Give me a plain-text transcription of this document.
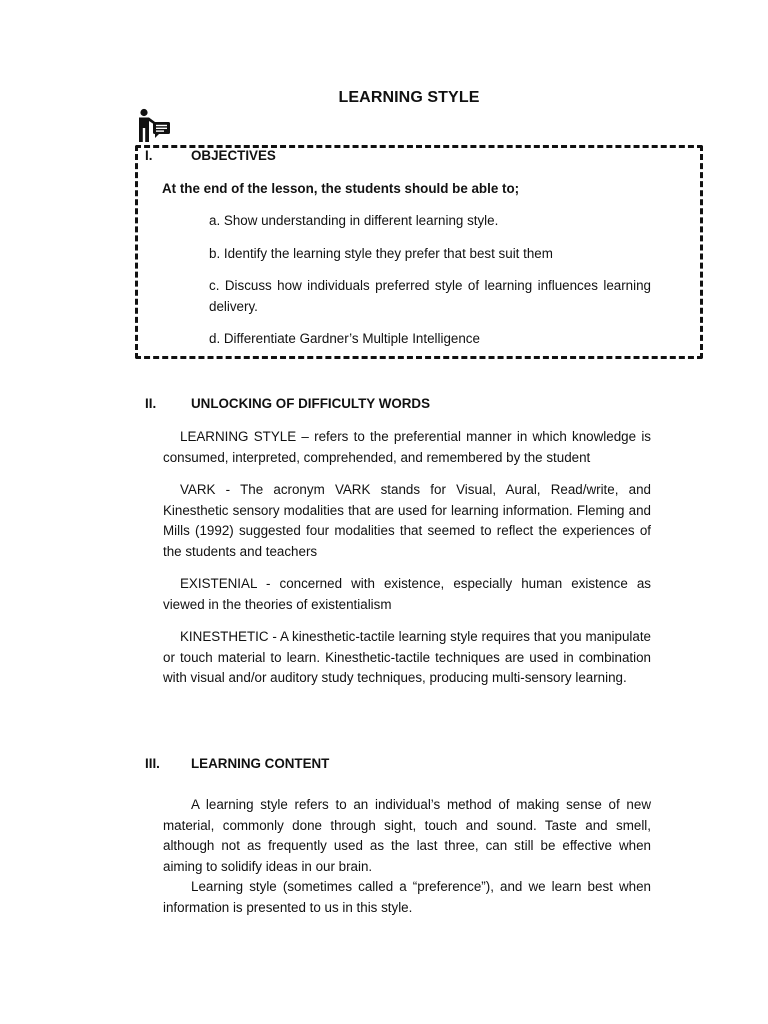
LEARNING STYLE
I.	OBJECTIVES
At the end of the lesson, the students should be able to;
a. Show understanding in different learning style.
b. Identify the learning style they prefer that best suit them
c. Discuss how individuals preferred style of learning influences learning delivery.
d. Differentiate Gardner’s Multiple Intelligence
II.	UNLOCKING OF DIFFICULTY WORDS
LEARNING STYLE – refers to the preferential manner in which knowledge is consumed, interpreted, comprehended, and remembered by the student
VARK - The acronym VARK stands for Visual, Aural, Read/write, and Kinesthetic sensory modalities that are used for learning information. Fleming and Mills (1992) suggested four modalities that seemed to reflect the experiences of the students and teachers
EXISTENIAL - concerned with existence, especially human existence as viewed in the theories of existentialism
KINESTHETIC - A kinesthetic-tactile learning style requires that you manipulate or touch material to learn. Kinesthetic-tactile techniques are used in combination with visual and/or auditory study techniques, producing multi-sensory learning.
III. LEARNING CONTENT

A learning style refers to an individual’s method of making sense of new material, commonly done through sight, touch and sound. Taste and smell, although not as frequently used as the last three, can still be effective when aiming to solidify ideas in our brain.

Learning style (sometimes called a “preference”), and we learn best when information is presented to us in this style.
